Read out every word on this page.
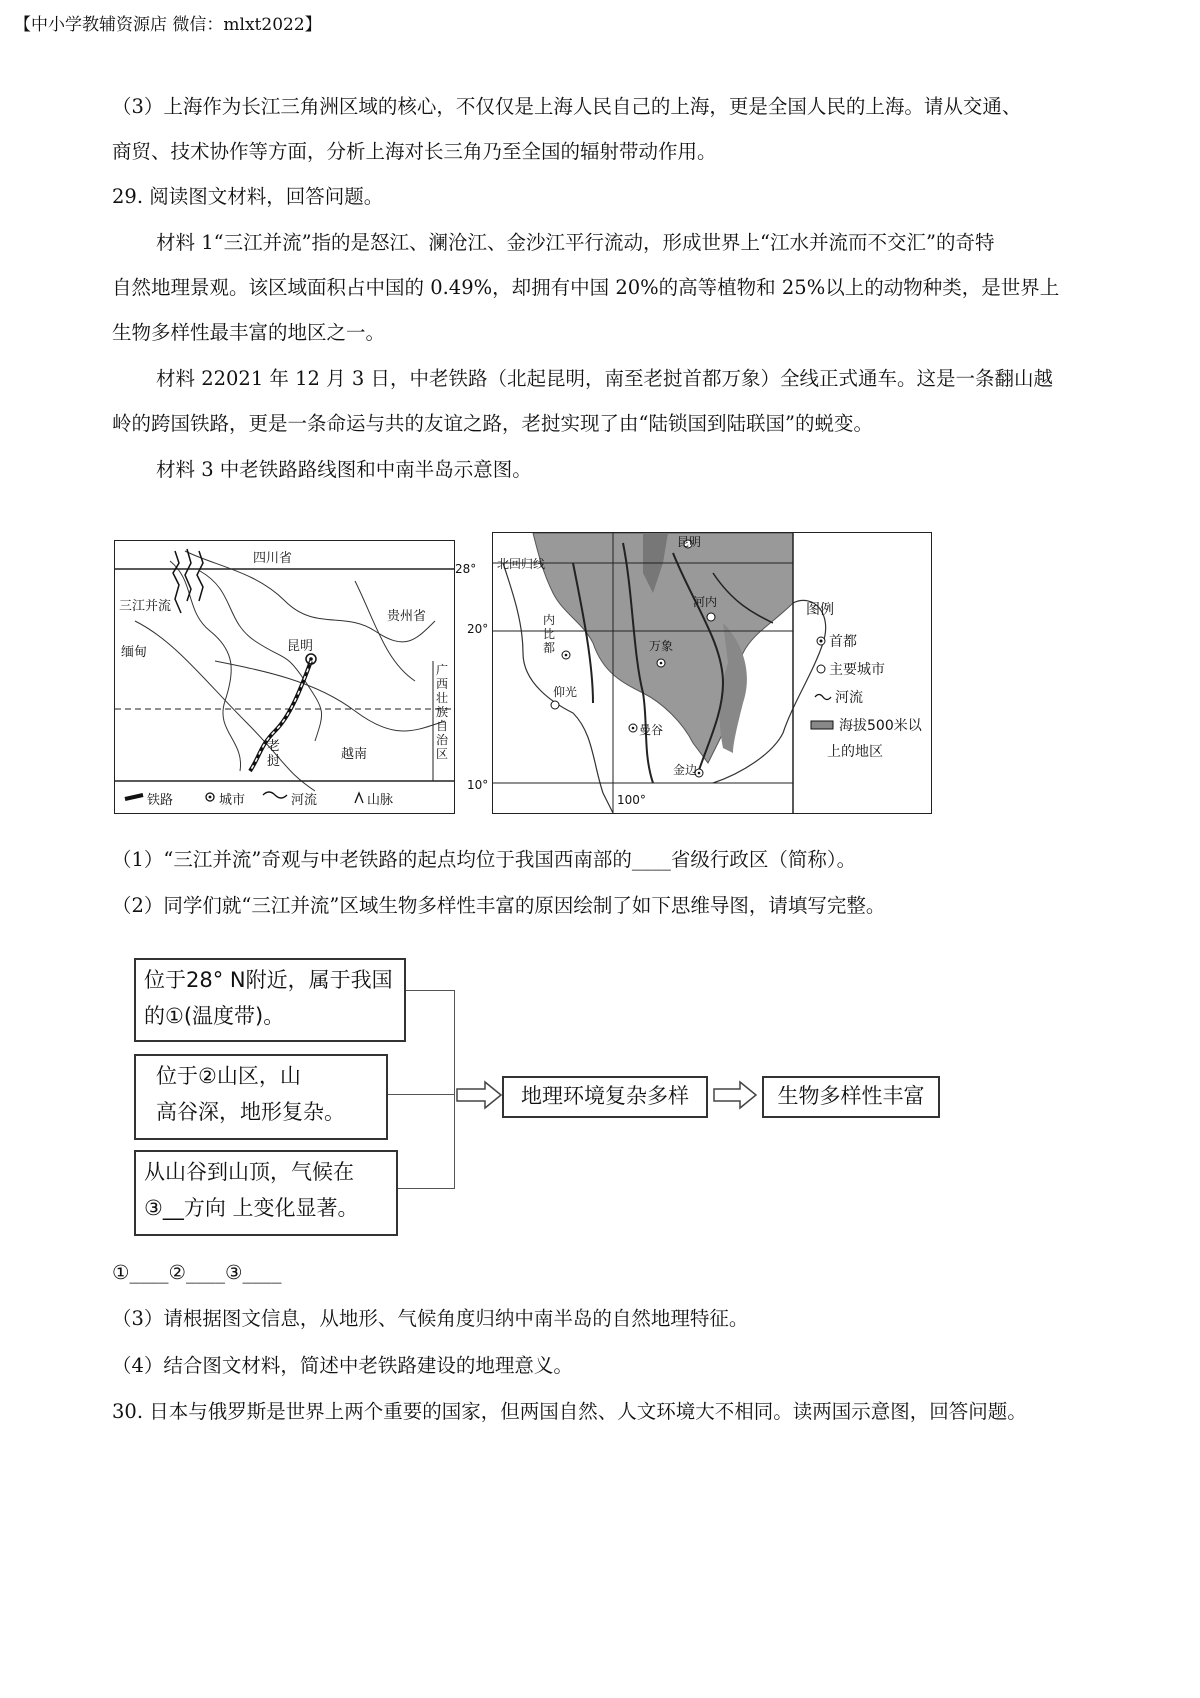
【中小学教辅资源店 微信：mlxt2022】
（3）上海作为长江三角洲区域的核心，不仅仅是上海人民自己的上海，更是全国人民的上海。请从交通、
商贸、技术协作等方面，分析上海对长三角乃至全国的辐射带动作用。
29. 阅读图文材料，回答问题。
材料 1“三江并流”指的是怒江、澜沧江、金沙江平行流动，形成世界上“江水并流而不交汇”的奇特
自然地理景观。该区域面积占中国的 0.49%，却拥有中国 20%的高等植物和 25%以上的动物种类，是世界上
生物多样性最丰富的地区之一。
材料 22021 年 12 月 3 日，中老铁路（北起昆明，南至老挝首都万象）全线正式通车。这是一条翻山越
岭的跨国铁路，更是一条命运与共的友谊之路，老挝实现了由“陆锁国到陆联国”的蜕变。
材料 3 中老铁路路线图和中南半岛示意图。
四川省
三江并流
贵州省
缅甸	昆明
广西壮族自治区
老挝	越南
铁路	城市	河流	山脉
28°
20°
10°
北回归线
昆明
河内
内比都	万象
仰光
曼谷
金边
100°
图例
首都
主要城市
河流
海拔500米以
上的地区
（1）“三江并流”奇观与中老铁路的起点均位于我国西南部的____省级行政区（简称）。
（2）同学们就“三江并流”区域生物多样性丰富的原因绘制了如下思维导图，请填写完整。
位于28° N附近，属于我国
的①(温度带)。
位于②山区，山
高谷深，地形复杂。
从山谷到山顶，气候在
③__方向 上变化显著。
地理环境复杂多样	生物多样性丰富
①____②____③____
（3）请根据图文信息，从地形、气候角度归纳中南半岛的自然地理特征。
（4）结合图文材料，简述中老铁路建设的地理意义。
30. 日本与俄罗斯是世界上两个重要的国家，但两国自然、人文环境大不相同。读两国示意图，回答问题。
